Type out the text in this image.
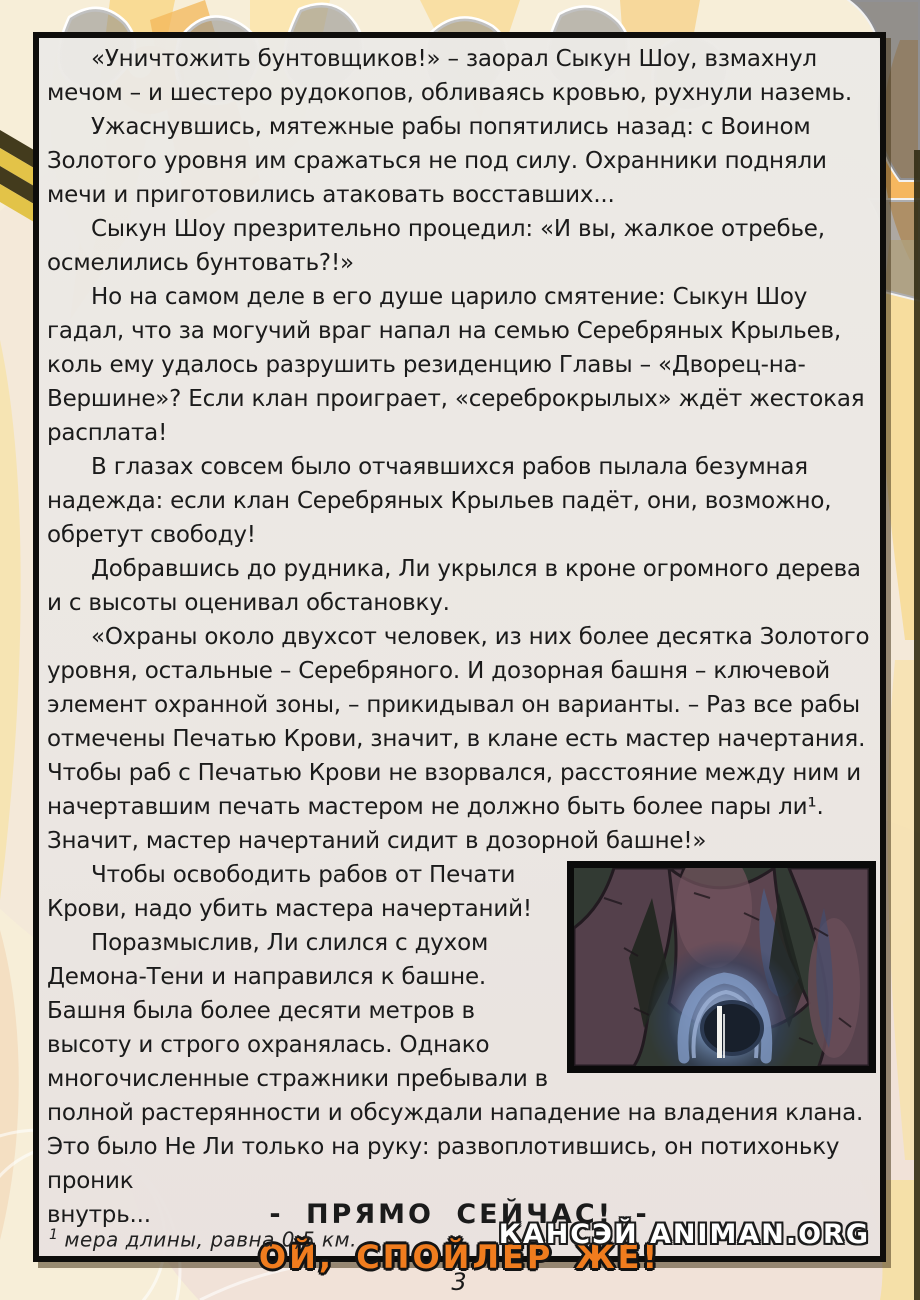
«Уничтожить бунтовщиков!» – заорал Сыкун Шоу, взмахнул мечом – и шестеро рудокопов, обливаясь кровью, рухнули наземь.

Ужаснувшись, мятежные рабы попятились назад: с Воином Золотого уровня им сражаться не под силу. Охранники подняли мечи и приготовились атаковать восставших...

Сыкун Шоу презрительно процедил: «И вы, жалкое отребье, осмелились бунтовать?!»

Но на самом деле в его душе царило смятение: Сыкун Шоу гадал, что за могучий враг напал на семью Серебряных Крыльев, коль ему удалось разрушить резиденцию Главы – «Дворец-на-Вершине»? Если клан проиграет, «сереброкрылых» ждёт жестокая расплата!

В глазах совсем было отчаявшихся рабов пылала безумная надежда: если клан Серебряных Крыльев падёт, они, возможно, обретут свободу!

Добравшись до рудника, Ли укрылся в кроне огромного дерева и с высоты оценивал обстановку.

«Охраны около двухсот человек, из них более десятка Золотого уровня, остальные – Серебряного. И дозорная башня – ключевой элемент охранной зоны, – прикидывал он варианты. – Раз все рабы отмечены Печатью Крови, значит, в клане есть мастер начертания. Чтобы раб с Печатью Крови не взорвался, расстояние между ним и начертавшим печать мастером не должно быть более пары ли¹. Значит, мастер начертаний сидит в дозорной башне!»

Чтобы освободить рабов от Печати Крови, надо убить мастера начертаний!

Поразмыслив, Ли слился с духом Демона-Тени и направился к башне. Башня была более десяти метров в высоту и строго охранялась. Однако многочисленные стражники пребывали в полной растерянности и обсуждали нападение на владения клана. Это было Не Ли только на руку: развоплотившись, он потихоньку проник

внутрь...	- ПРЯМО СЕЙЧАС! -
ОЙ, СПОЙЛЕР ЖЕ!
$^1$ мера длины, равна 0,5 км.	КАНСЭЙ ANIMAN.ORG
3
